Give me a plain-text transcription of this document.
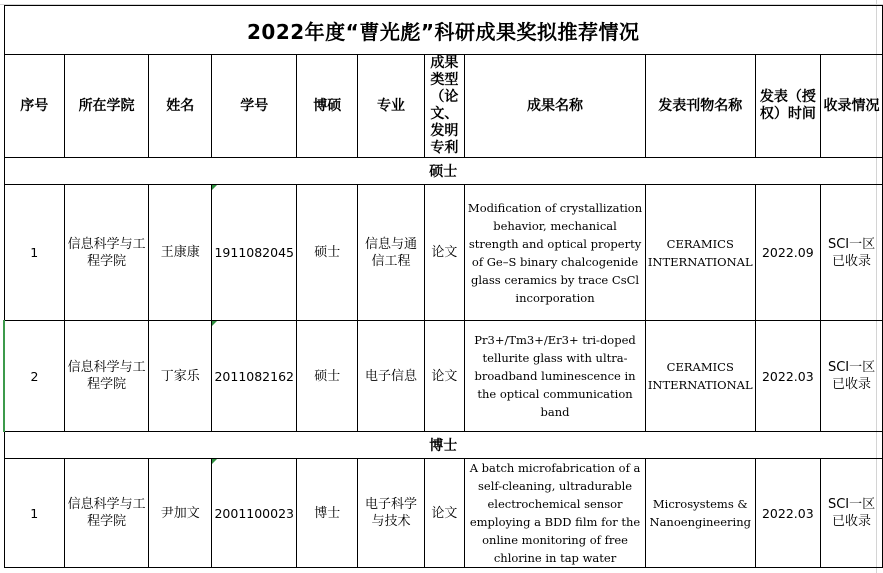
2022年度“曹光彪”科研成果奖拟推荐情况										
序号	所在学院	姓名	学号	博硕	专业	成果类型（论文、发明专利	成果名称	发表刊物名称	发表（授权）时间	收录情况
硕士										
1	信息科学与工程学院	王康康	1911082045	硕士	信息与通信工程	论文	Modification of crystallization behavior, mechanical strength and optical property of Ge–S binary chalcogenide glass ceramics by trace CsCl incorporation	CERAMICS INTERNATIONAL	2022.09	SCI一区已收录
2	信息科学与工程学院	丁家乐	2011082162	硕士	电子信息	论文	Pr3+/Tm3+/Er3+ tri-doped tellurite glass with ultra-broadband luminescence in the optical communication band	CERAMICS INTERNATIONAL	2022.03	SCI一区已收录
博士										
1	信息科学与工程学院	尹加文	2001100023	博士	电子科学与技术	论文	A batch microfabrication of a self-cleaning, ultradurable electrochemical sensor employing a BDD film for the online monitoring of free chlorine in tap water	Microsystems & Nanoengineering	2022.03	SCI一区已收录
